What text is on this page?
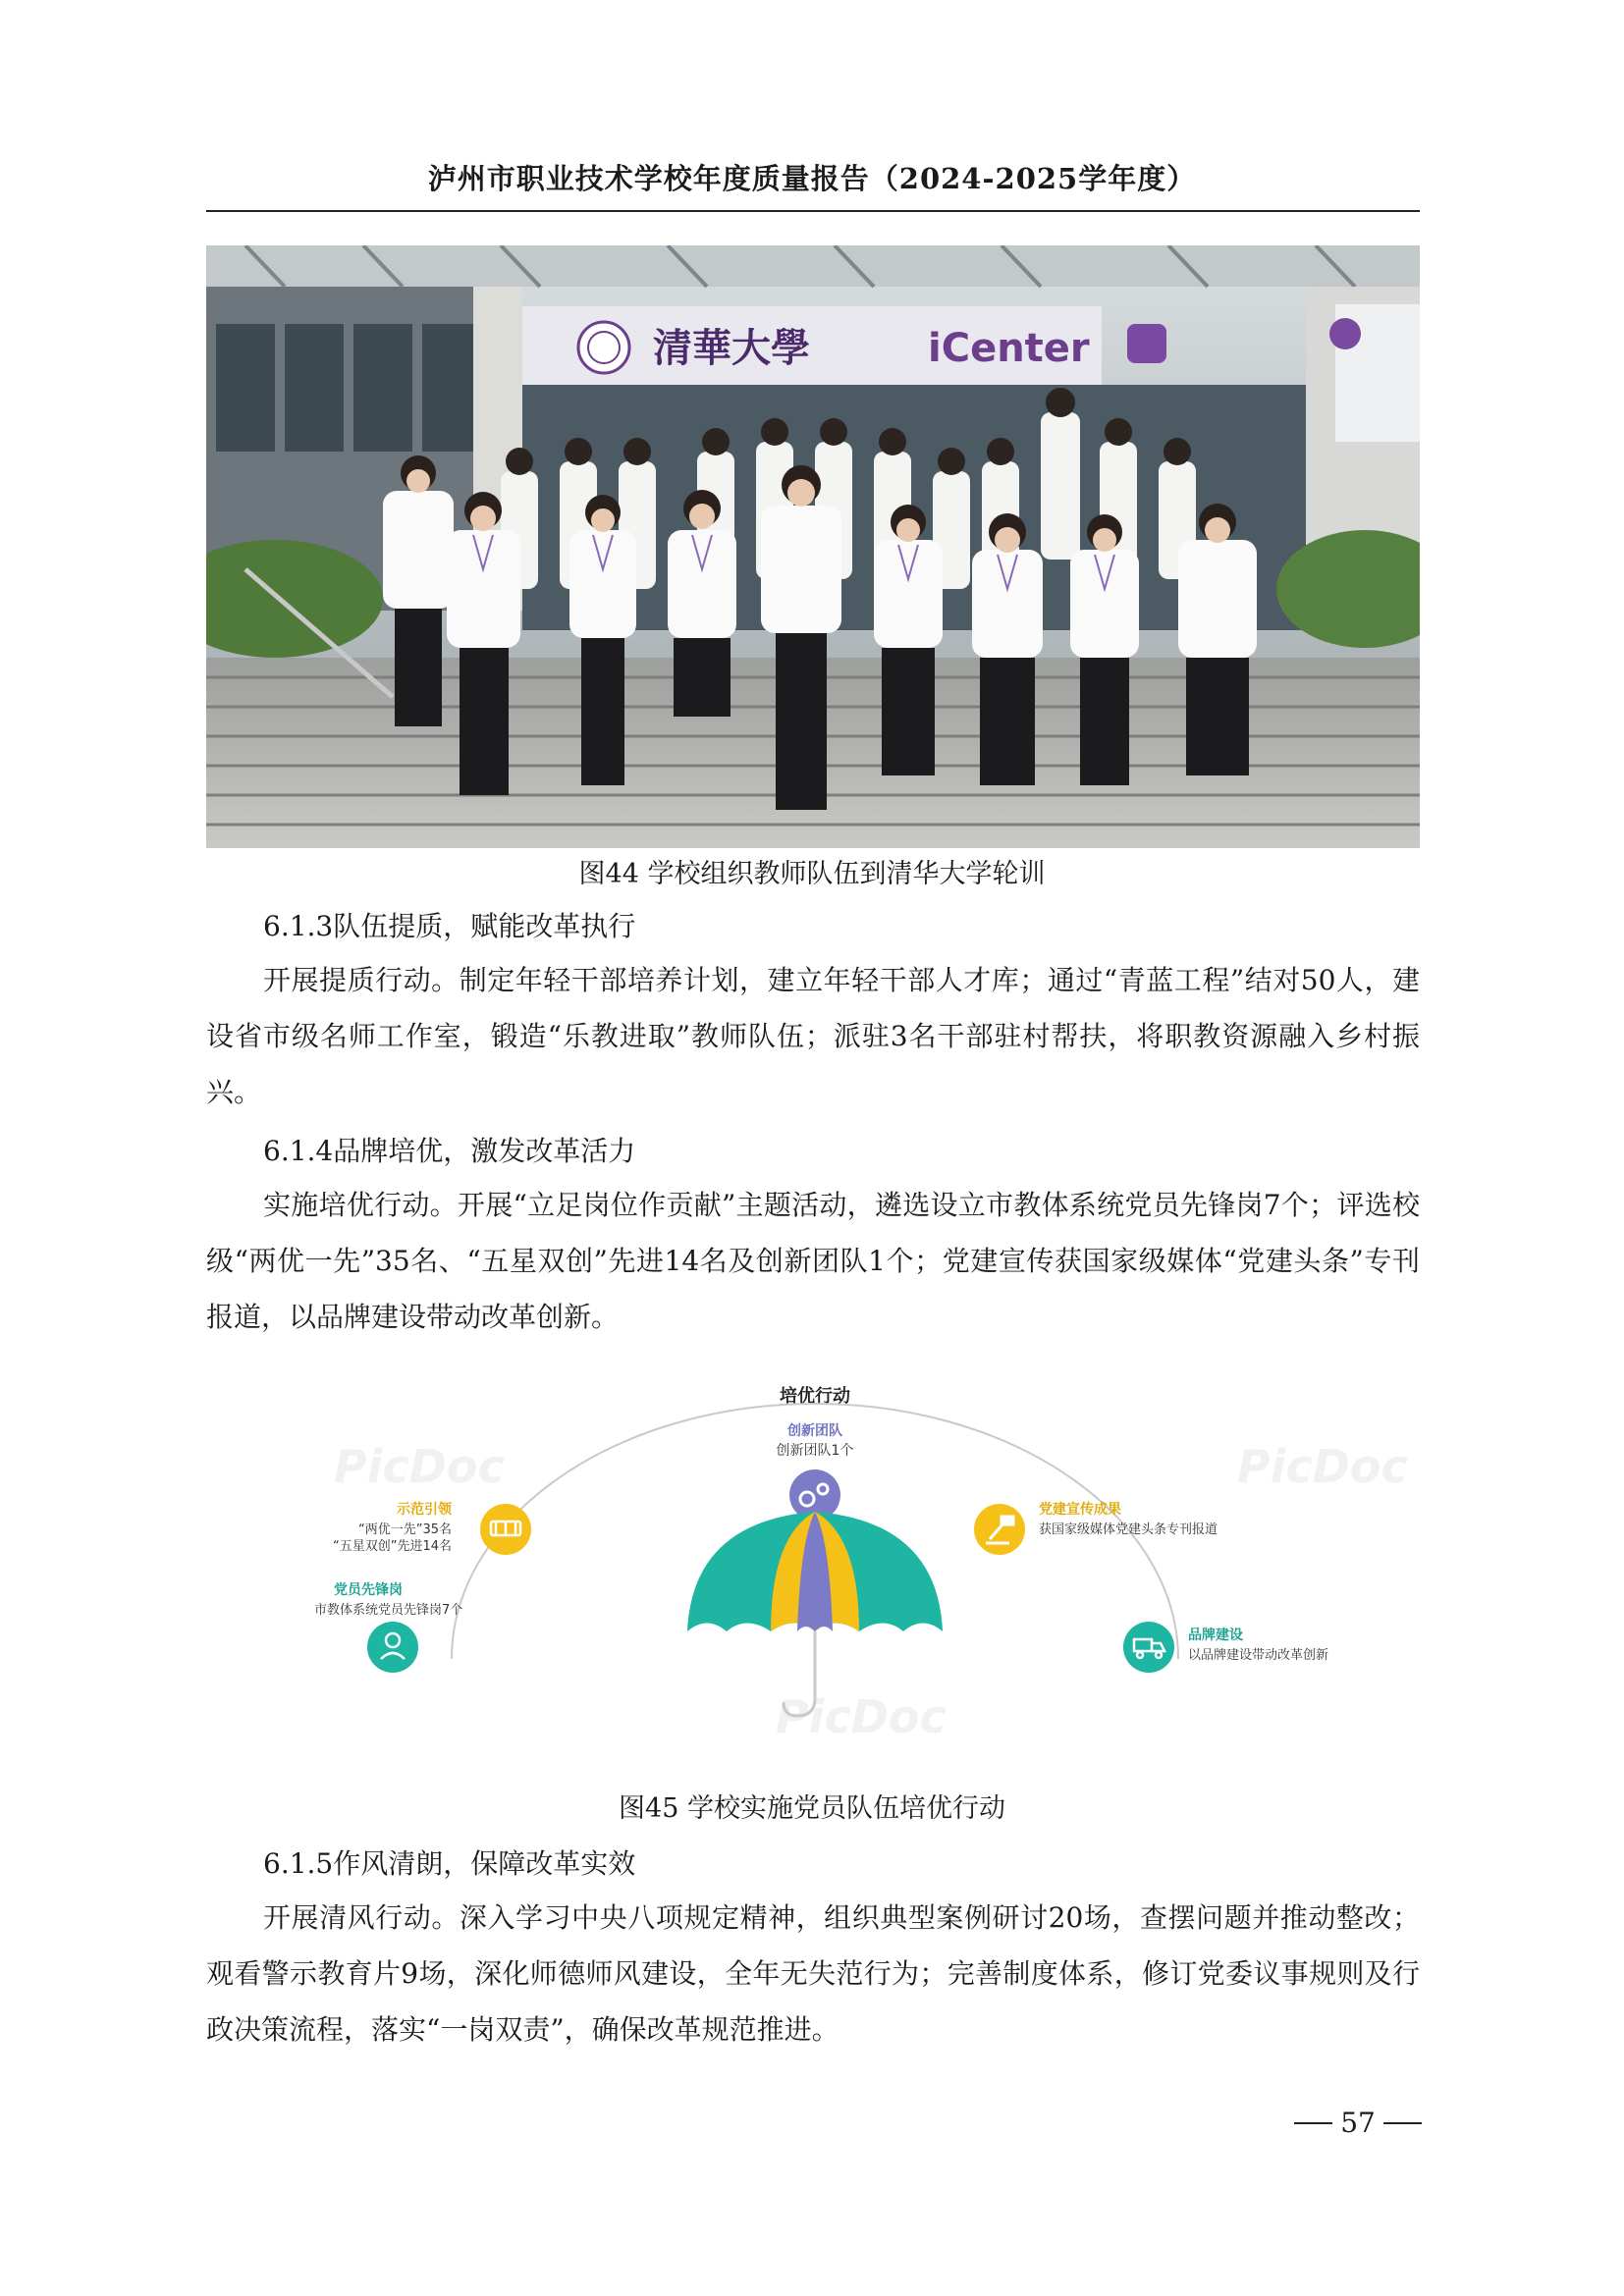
泸州市职业技术学校年度质量报告（2024-2025学年度）
清華大學	iCenter
图44 学校组织教师队伍到清华大学轮训
6.1.3队伍提质，赋能改革执行

开展提质行动。制定年轻干部培养计划，建立年轻干部人才库；通过“青蓝工程”结对50人，建设省市级名师工作室，锻造“乐教进取”教师队伍；派驻3名干部驻村帮扶，将职教资源融入乡村振兴。

6.1.4品牌培优，激发改革活力

实施培优行动。开展“立足岗位作贡献”主题活动，遴选设立市教体系统党员先锋岗7个；评选校级“两优一先”35名、“五星双创”先进14名及创新团队1个；党建宣传获国家级媒体“党建头条”专刊报道，以品牌建设带动改革创新。

PicDoc	PicDoc
PicDoc
培优行动
创新团队
创新团队1个
示范引领
“两优一先”35名
“五星双创”先进14名
党建宣传成果
获国家级媒体党建头条专刊报道
党员先锋岗
市教体系统党员先锋岗7个
品牌建设
以品牌建设带动改革创新
图45 学校实施党员队伍培优行动
6.1.5作风清朗，保障改革实效

开展清风行动。深入学习中央八项规定精神，组织典型案例研讨20场，查摆问题并推动整改；观看警示教育片9场，深化师德师风建设，全年无失范行为；完善制度体系，修订党委议事规则及行政决策流程，落实“一岗双责”，确保改革规范推进。

57
